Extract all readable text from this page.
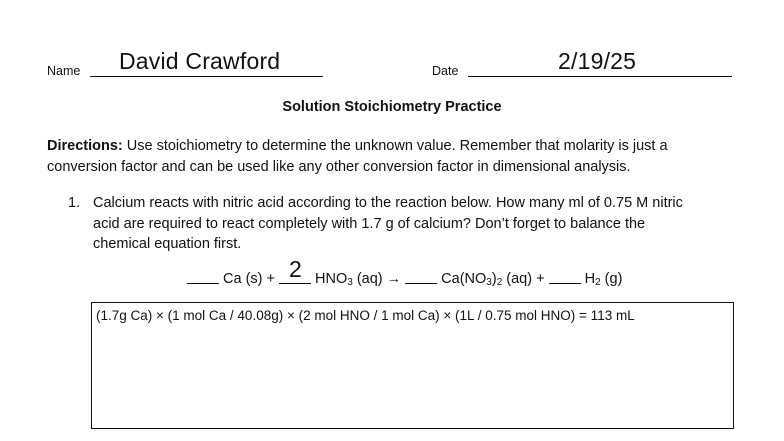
Name David Crawford	Date	2/19/25
Solution Stoichiometry Practice
Directions: Use stoichiometry to determine the unknown value. Remember that molarity is just a
conversion factor and can be used like any other conversion factor in dimensional analysis.
1. Calcium reacts with nitric acid according to the reaction below. How many ml of 0.75 M nitric
acid are required to react completely with 1.7 g of calcium? Don’t forget to balance the
chemical equation first.
Ca (s) +	$HNO_3$ (aq) →	$Ca(NO_3)_2$ (aq) +	$H_2$ (g)
2
(1.7g Ca) × (1 mol Ca / 40.08g) × (2 mol HNO / 1 mol Ca) × (1L / 0.75 mol HNO) = 113 mL
